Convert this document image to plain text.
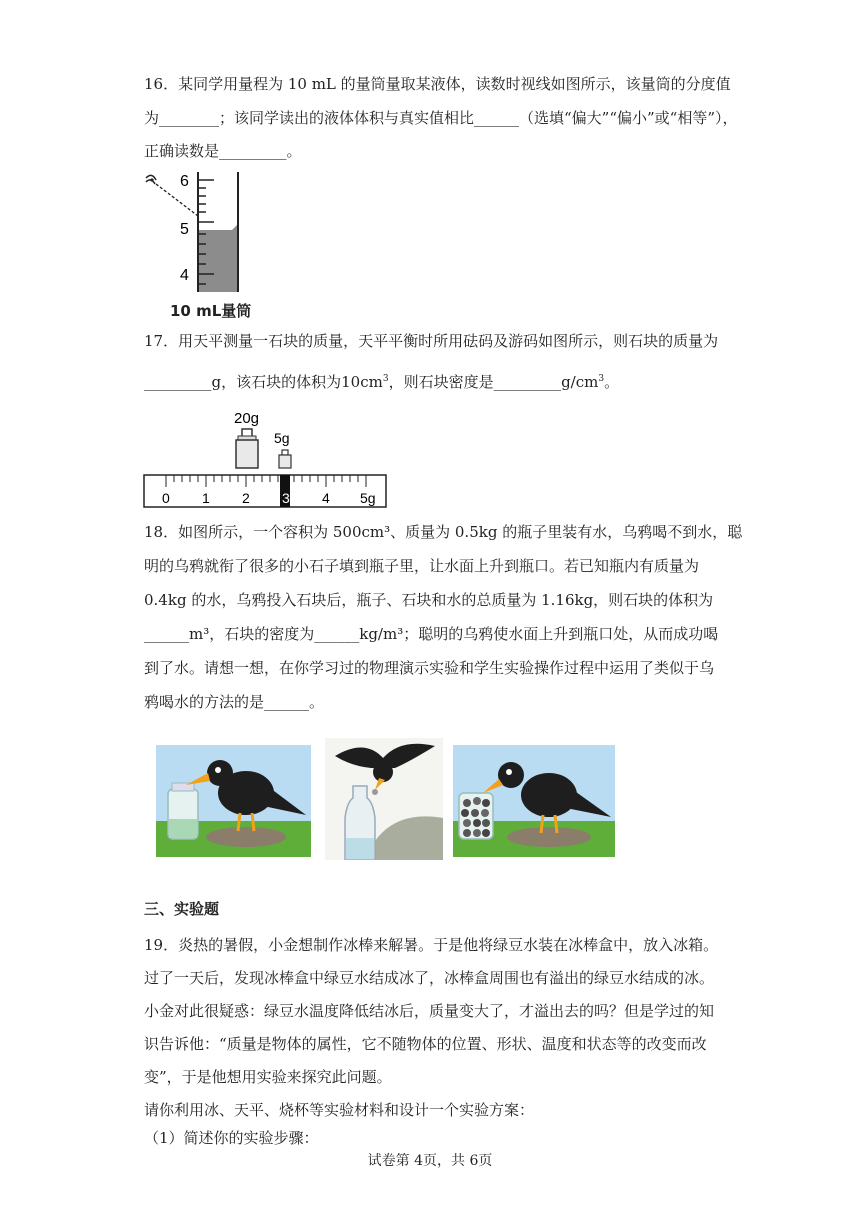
16．某同学用量程为 10 mL 的量筒量取某液体，读数时视线如图所示，该量筒的分度值
为________；该同学读出的液体体积与真实值相比______（选填“偏大”“偏小”或“相等”），
正确读数是_________。
6
5
4
10 mL量筒
17．用天平测量一石块的质量，天平平衡时所用砝码及游码如图所示，则石块的质量为
_________g，该石块的体积为$10cm^3$，则石块密度是$\_\_\_\_\_\_\_\_\_g/cm^3$。
20g
5g
0 1 2 3 4 5g
18．如图所示，一个容积为 500cm³、质量为 0.5kg 的瓶子里装有水，乌鸦喝不到水，聪
明的乌鸦就衔了很多的小石子填到瓶子里，让水面上升到瓶口。若已知瓶内有质量为
0.4kg 的水，乌鸦投入石块后，瓶子、石块和水的总质量为 1.16kg，则石块的体积为
______m³，石块的密度为______kg/m³；聪明的乌鸦使水面上升到瓶口处，从而成功喝
到了水。请想一想，在你学习过的物理演示实验和学生实验操作过程中运用了类似于乌
鸦喝水的方法的是______。
三、实验题
19．炎热的暑假，小金想制作冰棒来解暑。于是他将绿豆水装在冰棒盒中，放入冰箱。
过了一天后，发现冰棒盒中绿豆水结成冰了，冰棒盒周围也有溢出的绿豆水结成的冰。
小金对此很疑惑：绿豆水温度降低结冰后，质量变大了，才溢出去的吗？但是学过的知
识告诉他：“质量是物体的属性，它不随物体的位置、形状、温度和状态等的改变而改
变”，于是他想用实验来探究此问题。
请你利用冰、天平、烧杯等实验材料和设计一个实验方案：
（1）简述你的实验步骤：
试卷第 4页，共 6页
